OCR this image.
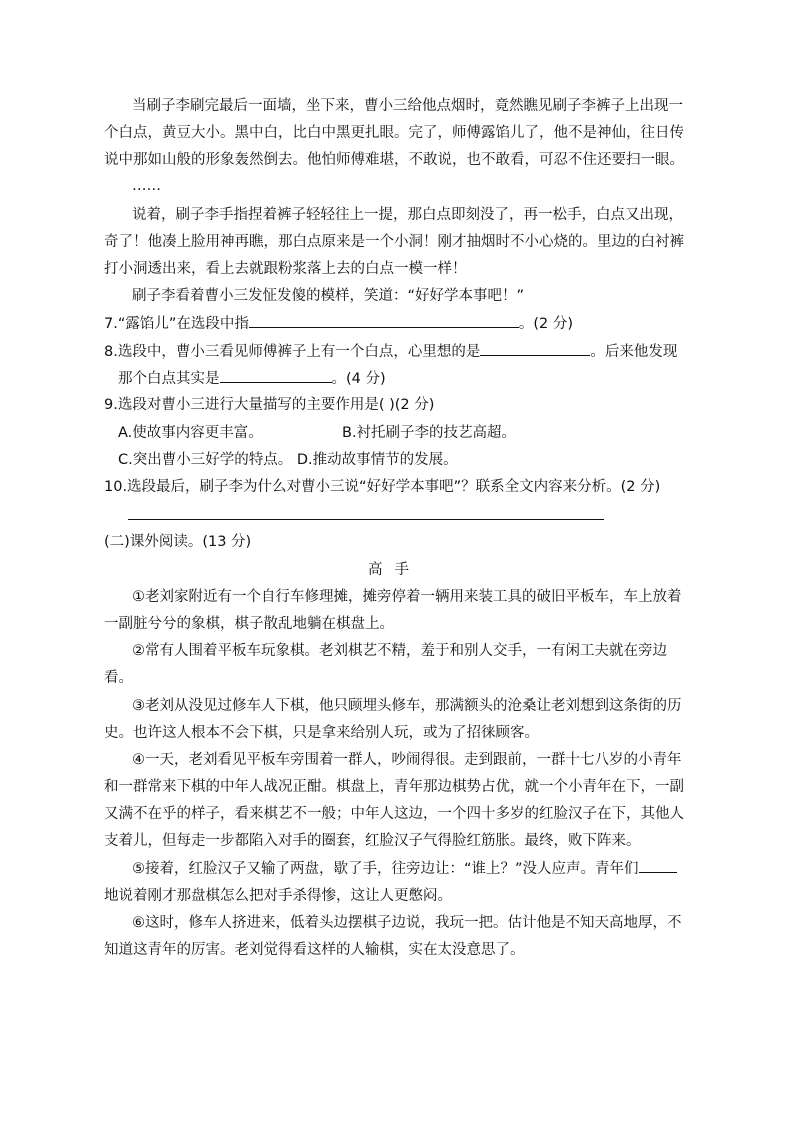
当刷子李刷完最后一面墙，坐下来，曹小三给他点烟时，竟然瞧见刷子李裤子上出现一
个白点，黄豆大小。黑中白，比白中黑更扎眼。完了，师傅露馅儿了，他不是神仙，往日传
说中那如山般的形象轰然倒去。他怕师傅难堪，不敢说，也不敢看，可忍不住还要扫一眼。
……
说着，刷子李手指捏着裤子轻轻往上一提，那白点即刻没了，再一松手，白点又出现，
奇了！他凑上脸用神再瞧，那白点原来是一个小洞！刚才抽烟时不小心烧的。里边的白衬裤
打小洞透出来，看上去就跟粉浆落上去的白点一模一样！
刷子李看着曹小三发怔发傻的模样，笑道：“好好学本事吧！”
7.“露馅儿”在选段中指	。(2 分)
8.选段中，曹小三看见师傅裤子上有一个白点，心里想的是	。后来他发现
那个白点其实是	。(4 分)
9.选段对曹小三进行大量描写的主要作用是( )(2 分)
A.使故事内容更丰富。	B.衬托刷子李的技艺高超。
C.突出曹小三好学的特点。 D.推动故事情节的发展。
10.选段最后，刷子李为什么对曹小三说“好好学本事吧”？联系全文内容来分析。(2 分)
(二)课外阅读。(13 分)
高手
①老刘家附近有一个自行车修理摊，摊旁停着一辆用来装工具的破旧平板车，车上放着
一副脏兮兮的象棋，棋子散乱地躺在棋盘上。
②常有人围着平板车玩象棋。老刘棋艺不精，羞于和别人交手，一有闲工夫就在旁边
看。
③老刘从没见过修车人下棋，他只顾埋头修车，那满额头的沧桑让老刘想到这条街的历
史。也许这人根本不会下棋，只是拿来给别人玩，或为了招徕顾客。
④一天，老刘看见平板车旁围着一群人，吵闹得很。走到跟前，一群十七八岁的小青年
和一群常来下棋的中年人战况正酣。棋盘上，青年那边棋势占优，就一个小青年在下，一副
又满不在乎的样子，看来棋艺不一般；中年人这边，一个四十多岁的红脸汉子在下，其他人
支着儿，但每走一步都陷入对手的圈套，红脸汉子气得脸红筋胀。最终，败下阵来。
⑤接着，红脸汉子又输了两盘，歇了手，往旁边让：“谁上？”没人应声。青年们
地说着刚才那盘棋怎么把对手杀得惨，这让人更憋闷。
⑥这时，修车人挤进来，低着头边摆棋子边说，我玩一把。估计他是不知天高地厚，不
知道这青年的厉害。老刘觉得看这样的人输棋，实在太没意思了。
